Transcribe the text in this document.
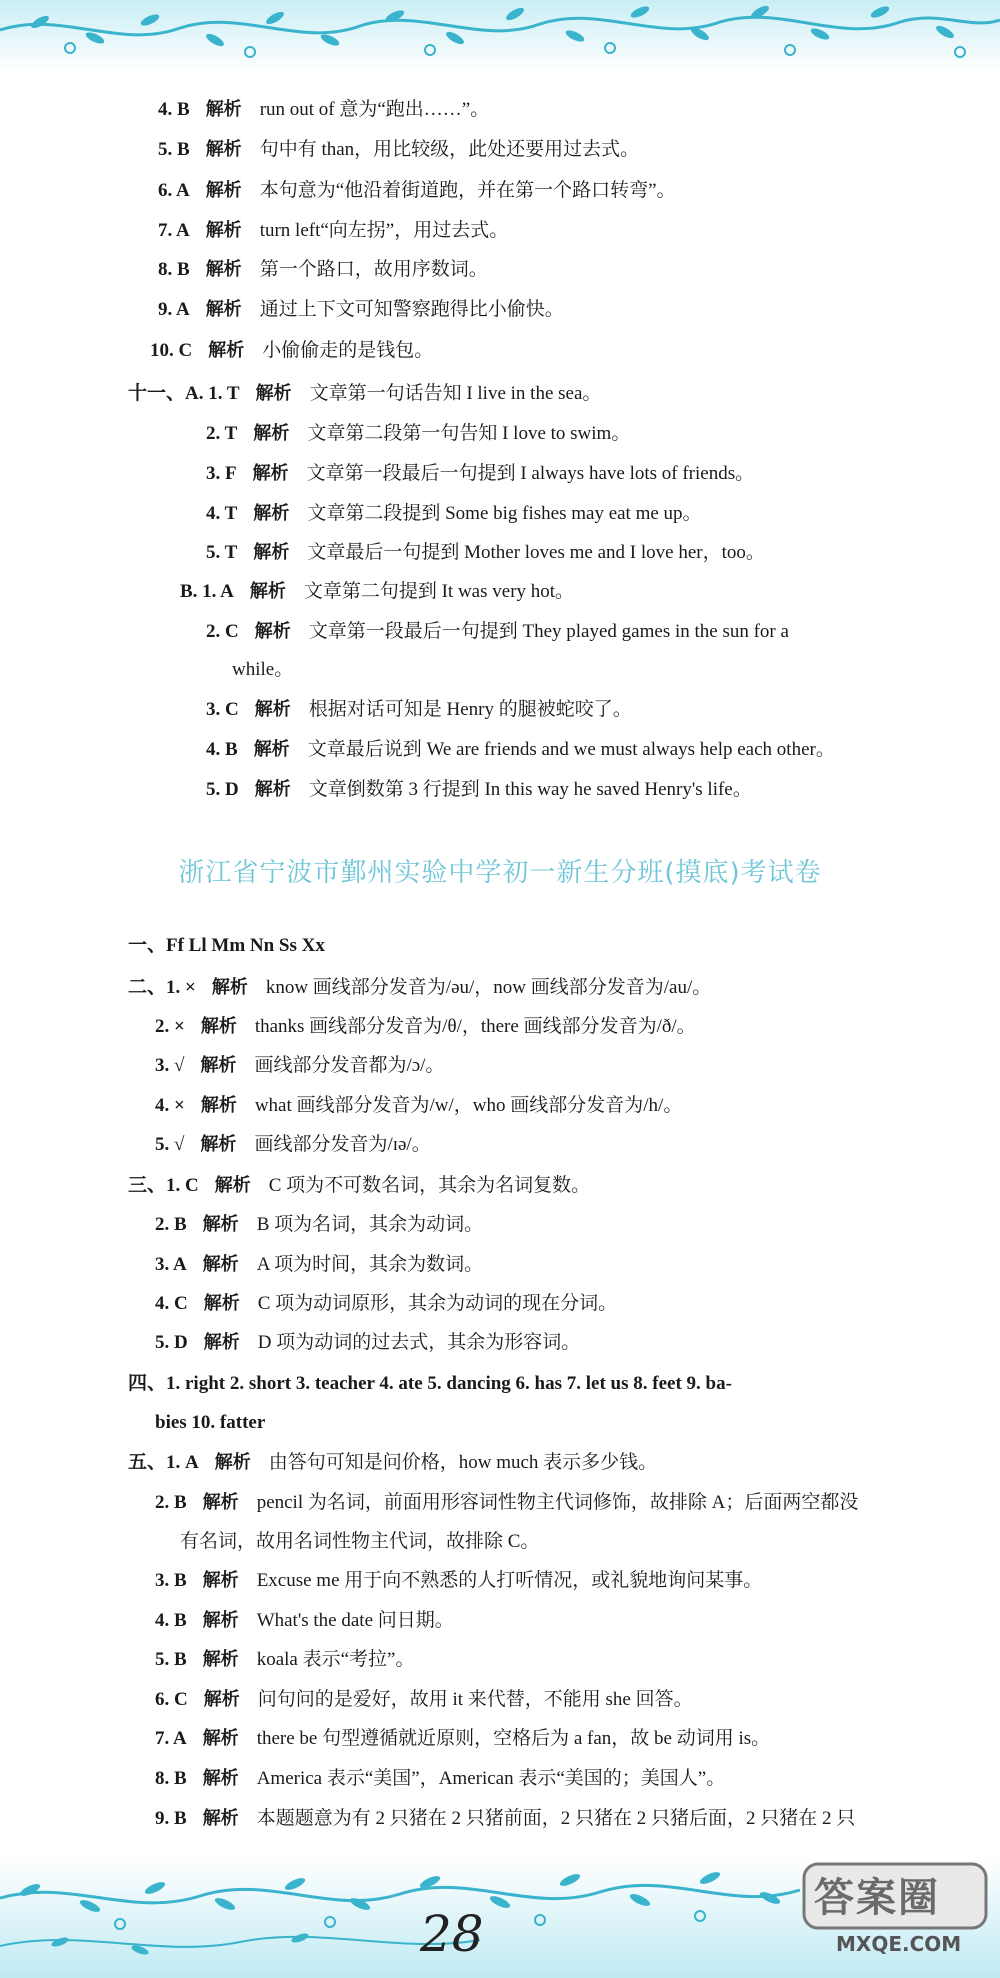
4. B 解析 run out of 意为“跑出……”。
5. B 解析 句中有 than，用比较级，此处还要用过去式。
6. A 解析 本句意为“他沿着街道跑，并在第一个路口转弯”。
7. A 解析 turn left“向左拐”，用过去式。
8. B 解析 第一个路口，故用序数词。
9. A 解析 通过上下文可知警察跑得比小偷快。
10. C 解析 小偷偷走的是钱包。
十一、A. 1. T 解析 文章第一句话告知 I live in the sea。
2. T 解析 文章第二段第一句告知 I love to swim。
3. F 解析 文章第一段最后一句提到 I always have lots of friends。
4. T 解析 文章第二段提到 Some big fishes may eat me up。
5. T 解析 文章最后一句提到 Mother loves me and I love her，too。
B. 1. A 解析 文章第二句提到 It was very hot。
2. C 解析 文章第一段最后一句提到 They played games in the sun for a
while。
3. C 解析 根据对话可知是 Henry 的腿被蛇咬了。
4. B 解析 文章最后说到 We are friends and we must always help each other。
5. D 解析 文章倒数第 3 行提到 In this way he saved Henry's life。
浙江省宁波市鄞州实验中学初一新生分班(摸底)考试卷
一、Ff Ll Mm Nn Ss Xx
二、1. × 解析 know 画线部分发音为/əu/，now 画线部分发音为/au/。
2. × 解析 thanks 画线部分发音为/θ/，there 画线部分发音为/ð/。
3. √ 解析 画线部分发音都为/ɔ/。
4. × 解析 what 画线部分发音为/w/，who 画线部分发音为/h/。
5. √ 解析 画线部分发音为/ɪə/。
三、1. C 解析 C 项为不可数名词，其余为名词复数。
2. B 解析 B 项为名词，其余为动词。
3. A 解析 A 项为时间，其余为数词。
4. C 解析 C 项为动词原形，其余为动词的现在分词。
5. D 解析 D 项为动词的过去式，其余为形容词。
四、1. right 2. short 3. teacher 4. ate 5. dancing 6. has 7. let us 8. feet 9. ba-
bies 10. fatter
五、1. A 解析 由答句可知是问价格，how much 表示多少钱。
2. B 解析 pencil 为名词，前面用形容词性物主代词修饰，故排除 A；后面两空都没
有名词，故用名词性物主代词，故排除 C。
3. B 解析 Excuse me 用于向不熟悉的人打听情况，或礼貌地询问某事。
4. B 解析 What's the date 问日期。
5. B 解析 koala 表示“考拉”。
6. C 解析 问句问的是爱好，故用 it 来代替，不能用 she 回答。
7. A 解析 there be 句型遵循就近原则，空格后为 a fan，故 be 动词用 is。
8. B 解析 America 表示“美国”，American 表示“美国的；美国人”。
9. B 解析 本题题意为有 2 只猪在 2 只猪前面，2 只猪在 2 只猪后面，2 只猪在 2 只
28
答案圈
MXQE.COM
